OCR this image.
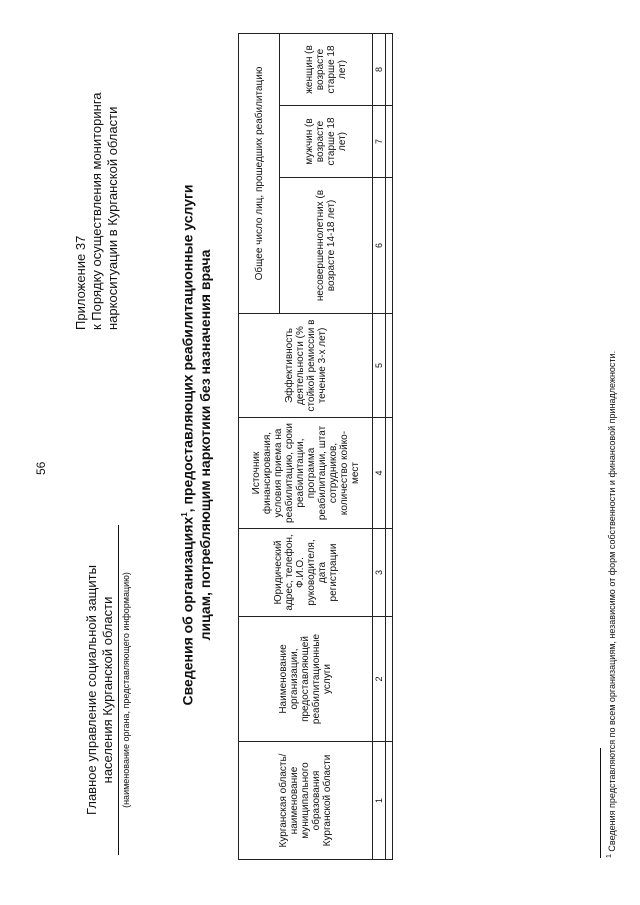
56
Главное управление социальной защиты населения Курганской области (наименование органа, представляющего информацию)
Приложение 37 к Порядку осуществления мониторинга наркоситуации в Курганской области
Сведения об организациях$^1$, предоставляющих реабилитационные услуги лицам, потребляющим наркотики без назначения врача
Курганская область/ наименование муниципального образования Курганской области	Наименование организации, предоставляющей реабилитационные услуги	Юридический адрес, телефон, Ф.И.О. руководителя, дата регистрации	Источник финансирования, условия приема на реабилитацию, сроки реабилитации, программа реабилитации, штат сотрудников, количество койко-мест	Эффективность деятельности (% стойкой ремиссии в течение 3-х лет)	Общее число лиц, прошедших реабилитацию		
					несовершеннолетних (в возрасте 14-18 лет)	мужчин (в возрасте старше 18 лет)	женщин (в возрасте старше 18 лет)
1	2	3	4	5	6	7	8

$^1$ Сведения представляются по всем организациям, независимо от форм собственности и финансовой принадлежности.
